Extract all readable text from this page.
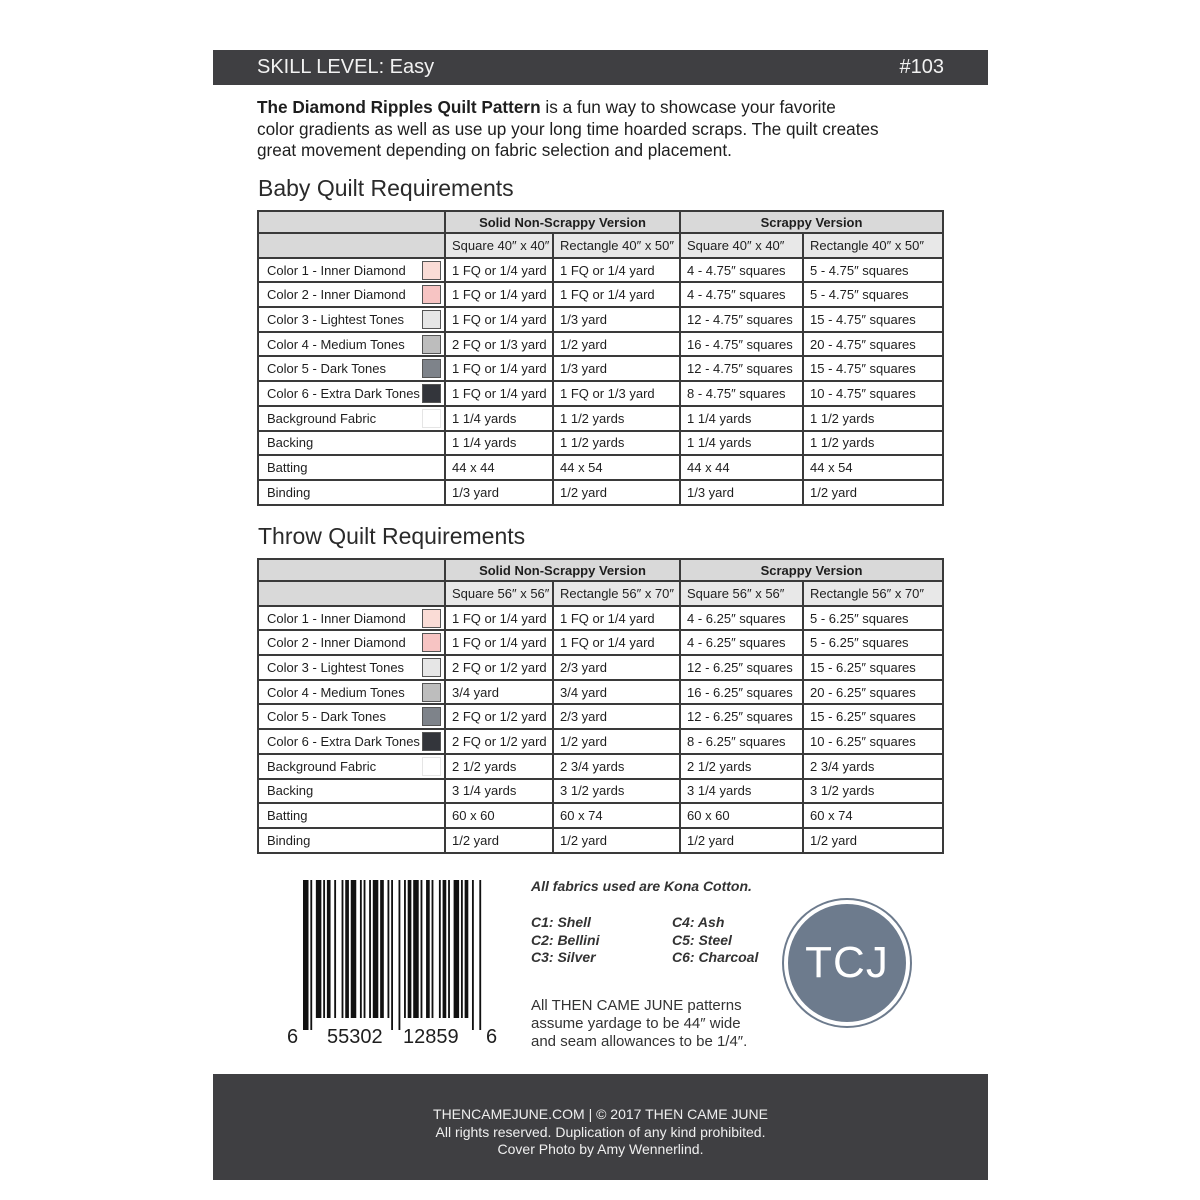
SKILL LEVEL: Easy	#103
The Diamond Ripples Quilt Pattern is a fun way to showcase your favorite
color gradients as well as use up your long time hoarded scraps. The quilt creates
great movement depending on fabric selection and placement.
Baby Quilt Requirements
	Solid Non-Scrappy Version		Scrappy Version	
	Square 40″ x 40″	Rectangle 40″ x 50″	Square 40″ x 40″	Rectangle 40″ x 50″

Color 1 - Inner Diamond	1 FQ or 1/4 yard	1 FQ or 1/4 yard	4 - 4.75″ squares	5 - 4.75″ squares

Color 2 - Inner Diamond	1 FQ or 1/4 yard	1 FQ or 1/4 yard	4 - 4.75″ squares	5 - 4.75″ squares

Color 3 - Lightest Tones	1 FQ or 1/4 yard	1/3 yard	12 - 4.75″ squares	15 - 4.75″ squares

Color 4 - Medium Tones	2 FQ or 1/3 yard	1/2 yard	16 - 4.75″ squares	20 - 4.75″ squares

Color 5 - Dark Tones	1 FQ or 1/4 yard	1/3 yard	12 - 4.75″ squares	15 - 4.75″ squares

Color 6 - Extra Dark Tones	1 FQ or 1/4 yard	1 FQ or 1/3 yard	8 - 4.75″ squares	10 - 4.75″ squares

Background Fabric	1 1/4 yards	1 1/2 yards	1 1/4 yards	1 1/2 yards

Backing	1 1/4 yards	1 1/2 yards	1 1/4 yards	1 1/2 yards

Batting	44 x 44	44 x 54	44 x 44	44 x 54

Binding	1/3 yard	1/2 yard	1/3 yard	1/2 yard
Throw Quilt Requirements
	Solid Non-Scrappy Version		Scrappy Version	
	Square 56″ x 56″	Rectangle 56″ x 70″	Square 56″ x 56″	Rectangle 56″ x 70″

Color 1 - Inner Diamond	1 FQ or 1/4 yard	1 FQ or 1/4 yard	4 - 6.25″ squares	5 - 6.25″ squares

Color 2 - Inner Diamond	1 FQ or 1/4 yard	1 FQ or 1/4 yard	4 - 6.25″ squares	5 - 6.25″ squares

Color 3 - Lightest Tones	2 FQ or 1/2 yard	2/3 yard	12 - 6.25″ squares	15 - 6.25″ squares

Color 4 - Medium Tones	3/4 yard	3/4 yard	16 - 6.25″ squares	20 - 6.25″ squares

Color 5 - Dark Tones	2 FQ or 1/2 yard	2/3 yard	12 - 6.25″ squares	15 - 6.25″ squares

Color 6 - Extra Dark Tones	2 FQ or 1/2 yard	1/2 yard	8 - 6.25″ squares	10 - 6.25″ squares

Background Fabric	2 1/2 yards	2 3/4 yards	2 1/2 yards	2 3/4 yards

Backing	3 1/4 yards	3 1/2 yards	3 1/4 yards	3 1/2 yards

Batting	60 x 60	60 x 74	60 x 60	60 x 74

Binding	1/2 yard	1/2 yard	1/2 yard	1/2 yard
6 55302 12859 6
All fabrics used are Kona Cotton.
C1: Shell
C2: Bellini
C3: Silver
C4: Ash
C5: Steel
C6: Charcoal
All THEN CAME JUNE patterns
assume yardage to be 44″ wide
and seam allowances to be 1/4″.
TCJ
THENCAMEJUNE.COM | © 2017 THEN CAME JUNE
All rights reserved. Duplication of any kind prohibited.
Cover Photo by Amy Wennerlind.
